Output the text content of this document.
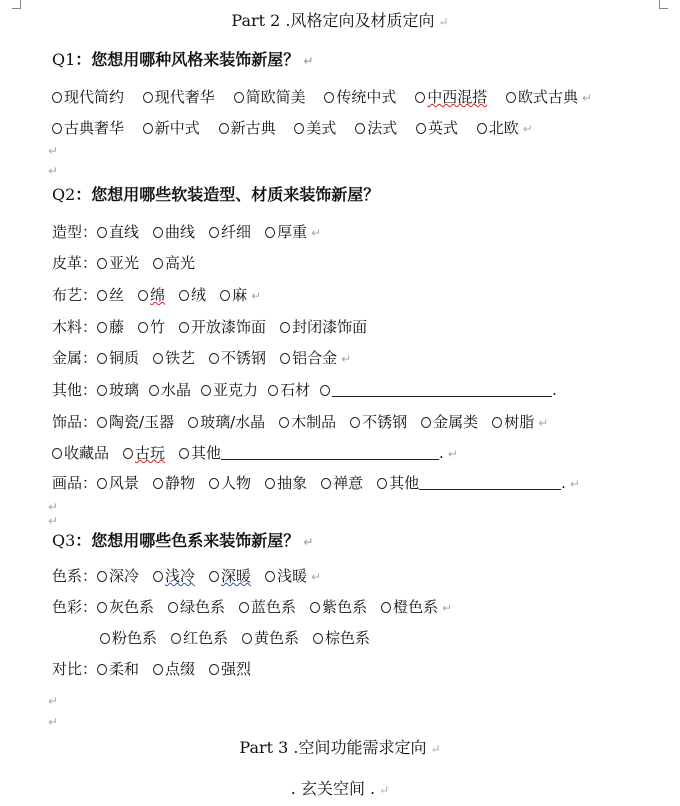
Part 2 .风格定向及材质定向 ↵
Q1：您想用哪种风格来装饰新屋？ ↵
现代简约 现代奢华 简欧简美 传统中式 中西混搭 欧式古典 ↵
古典奢华 新中式 新古典 美式 法式 英式 北欧 ↵
↵
↵
Q2：您想用哪些软装造型、材质来装饰新屋？
造型： 直线 曲线 纤细 厚重 ↵
皮革： 亚光 高光
布艺： 丝 绵 绒 麻 ↵
木料： 藤 竹 开放漆饰面 封闭漆饰面
金属： 铜质 铁艺 不锈钢 铝合金 ↵
其他： 玻璃 水晶 亚克力 石材	.
饰品： 陶瓷/玉器 玻璃/水晶 木制品 不锈钢 金属类 树脂 ↵
收藏品 古玩 其他	. ↵
画品： 风景 静物 人物 抽象 禅意 其他	. ↵
↵
↵
Q3：您想用哪些色系来装饰新屋？ ↵
色系： 深冷 浅冷 深暖 浅暖 ↵
色彩： 灰色系 绿色系 蓝色系 紫色系 橙色系 ↵
粉色系 红色系 黄色系 棕色系
对比： 柔和 点缀 强烈
↵
↵
Part 3 .空间功能需求定向 ↵
. 玄关空间 . ↵
